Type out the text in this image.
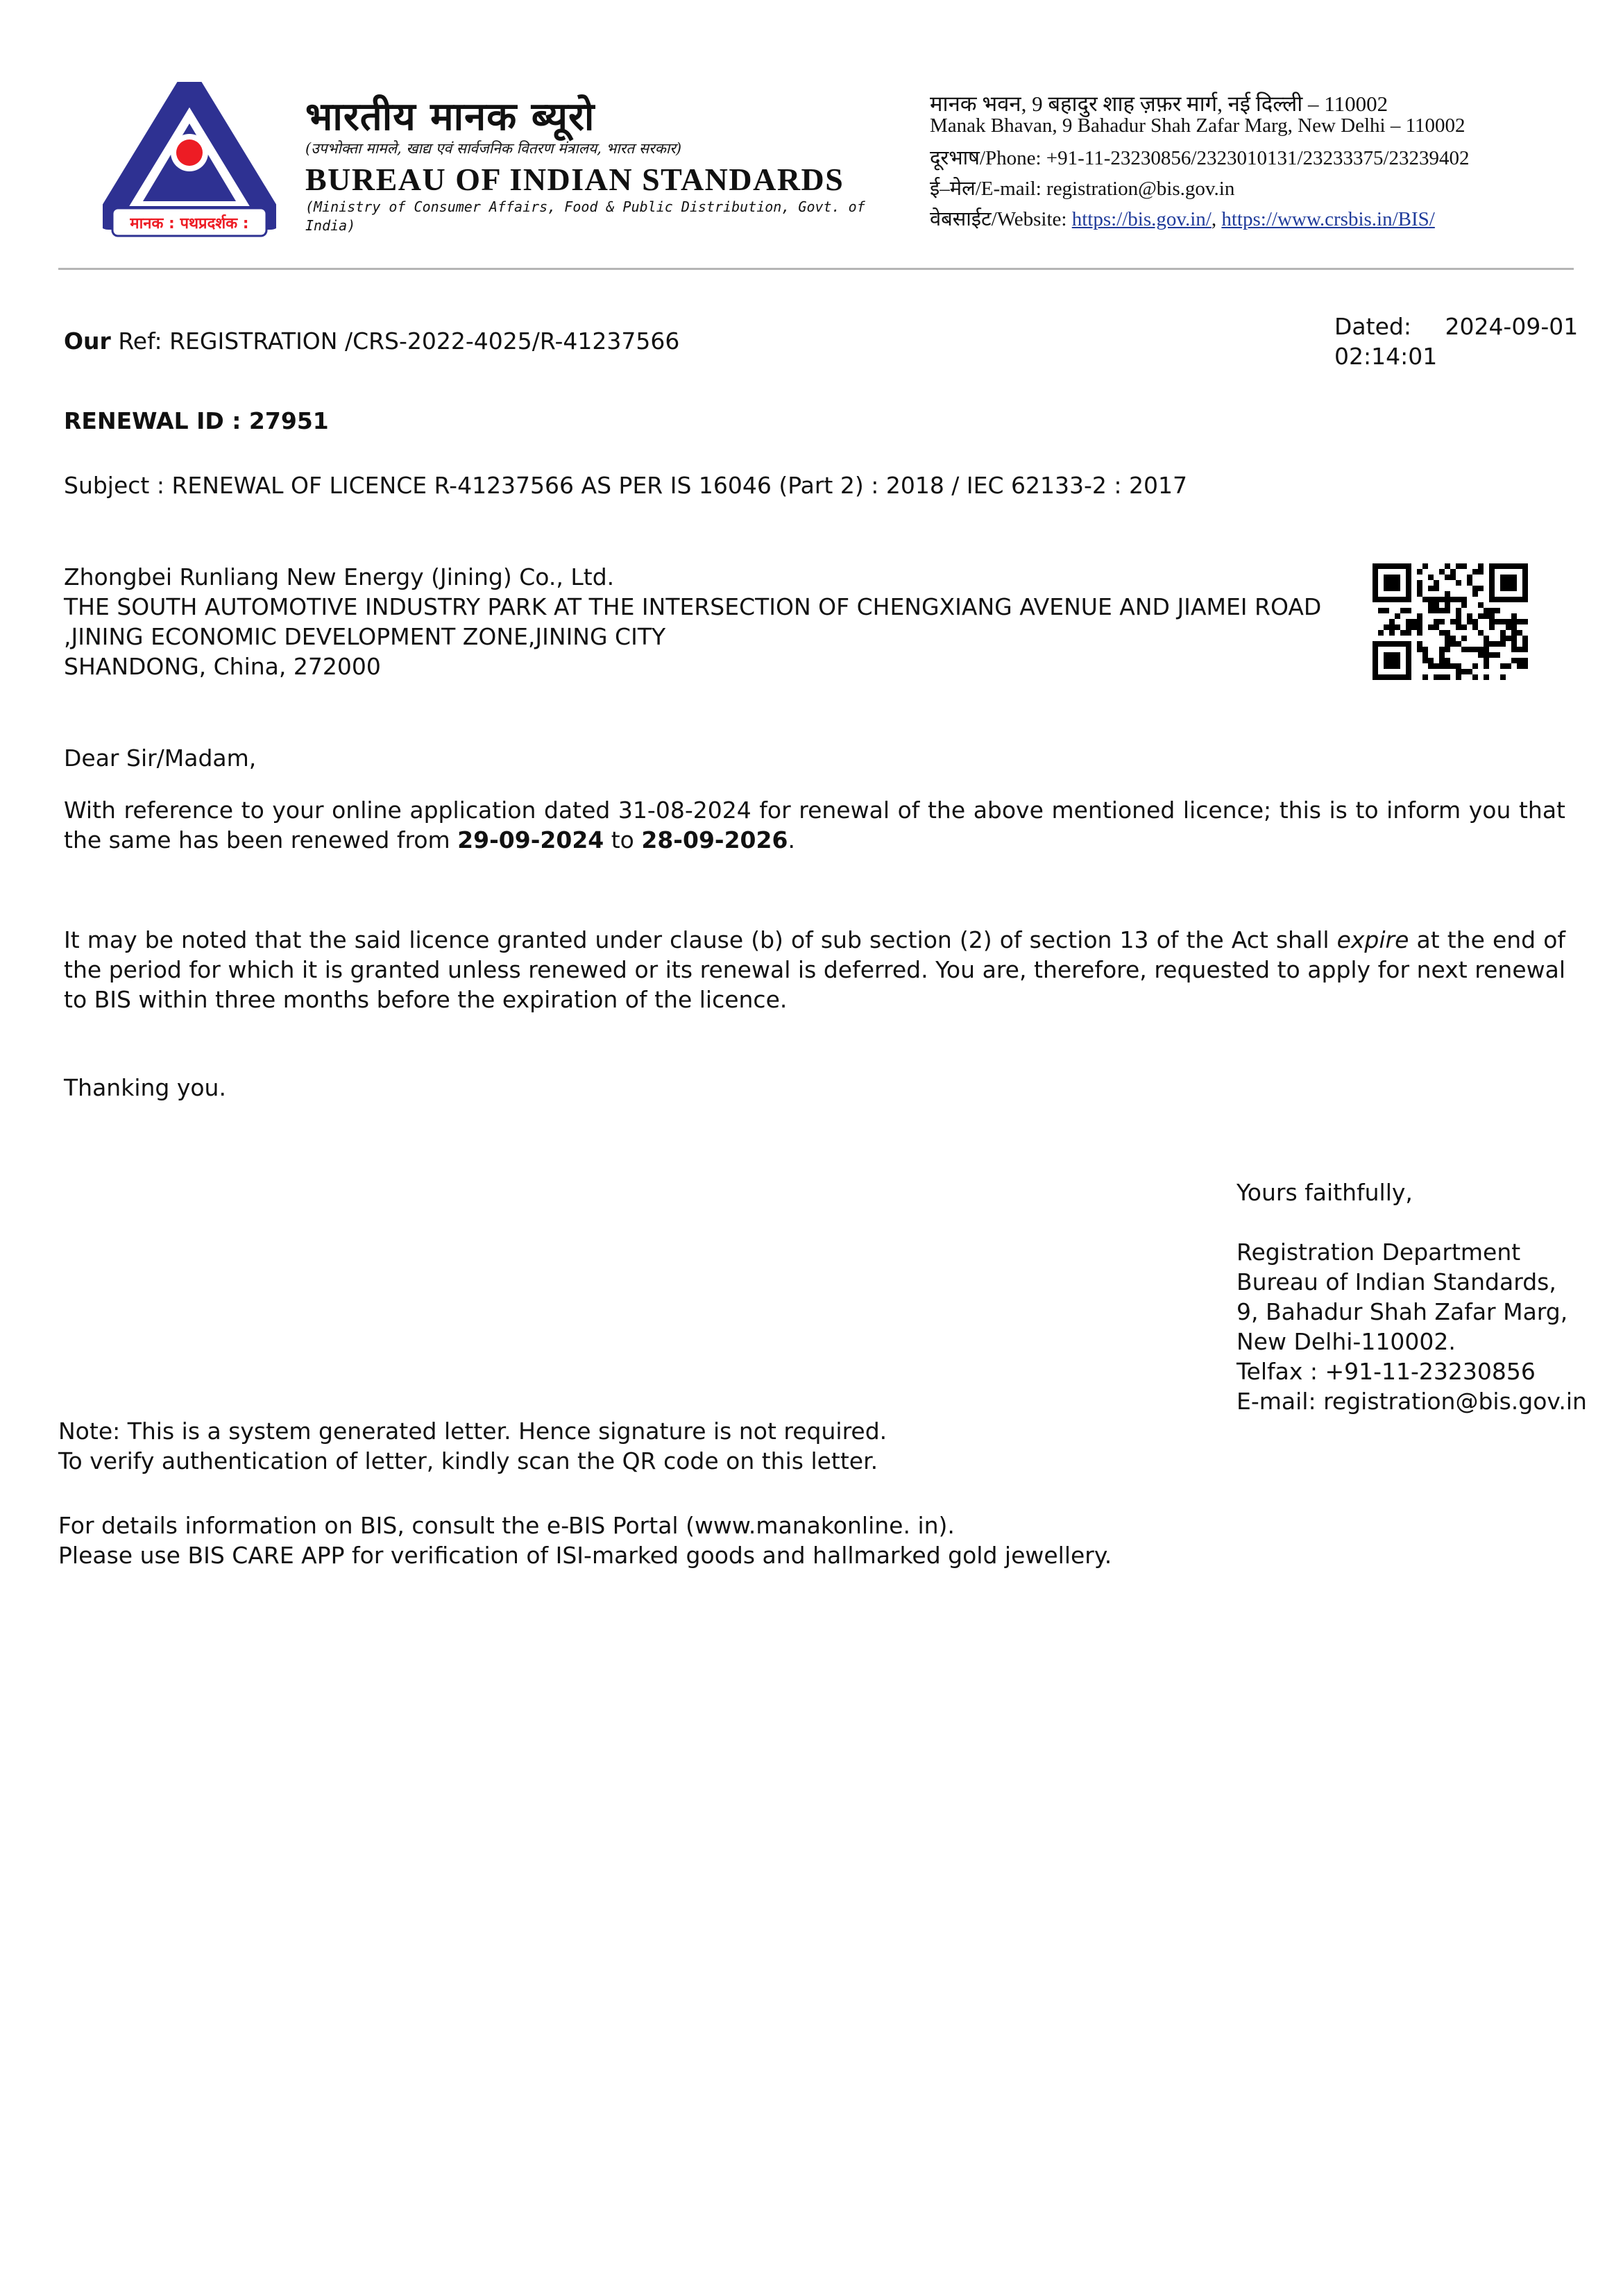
मानक : पथप्रदर्शक :
भारतीय मानक ब्यूरो
(उपभोक्ता मामले, खाद्य एवं सार्वजनिक वितरण मंत्रालय, भारत सरकार)
BUREAU OF INDIAN STANDARDS
(Ministry of Consumer Affairs, Food & Public Distribution, Govt. of India)
मानक भवन, 9 बहादुर शाह ज़फ़र मार्ग, नई दिल्ली – 110002
Manak Bhavan, 9 Bahadur Shah Zafar Marg, New Delhi – 110002
दूरभाष/Phone: +91-11-23230856/2323010131/23233375/23239402
ई–मेल/E-mail: registration@bis.gov.in
वेबसाईट/Website: https://bis.gov.in/, https://www.crsbis.in/BIS/
Our Ref: REGISTRATION /CRS-2022-4025/R-41237566
Dated: 2024-09-01
02:14:01
RENEWAL ID : 27951
Subject : RENEWAL OF LICENCE R-41237566 AS PER IS 16046 (Part 2) : 2018 / IEC 62133-2 : 2017
Zhongbei Runliang New Energy (Jining) Co., Ltd.
THE SOUTH AUTOMOTIVE INDUSTRY PARK AT THE INTERSECTION OF CHENGXIANG AVENUE AND JIAMEI ROAD
,JINING ECONOMIC DEVELOPMENT ZONE,JINING CITY
SHANDONG, China, 272000
Dear Sir/Madam,
With reference to your online application dated 31-08-2024 for renewal of the above mentioned licence; this is to inform you that the same has been renewed from 29-09-2024 to 28-09-2026.
It may be noted that the said licence granted under clause (b) of sub section (2) of section 13 of the Act shall expire at the end of the period for which it is granted unless renewed or its renewal is deferred. You are, therefore, requested to apply for next renewal to BIS within three months before the expiration of the licence.
Thanking you.
Yours faithfully,
Registration Department
Bureau of Indian Standards,
9, Bahadur Shah Zafar Marg,
New Delhi-110002.
Telfax : +91-11-23230856
E-mail: registration@bis.gov.in
Note: This is a system generated letter. Hence signature is not required.
To verify authentication of letter, kindly scan the QR code on this letter.
For details information on BIS, consult the e-BIS Portal (www.manakonline. in).
Please use BIS CARE APP for verification of ISI-marked goods and hallmarked gold jewellery.
